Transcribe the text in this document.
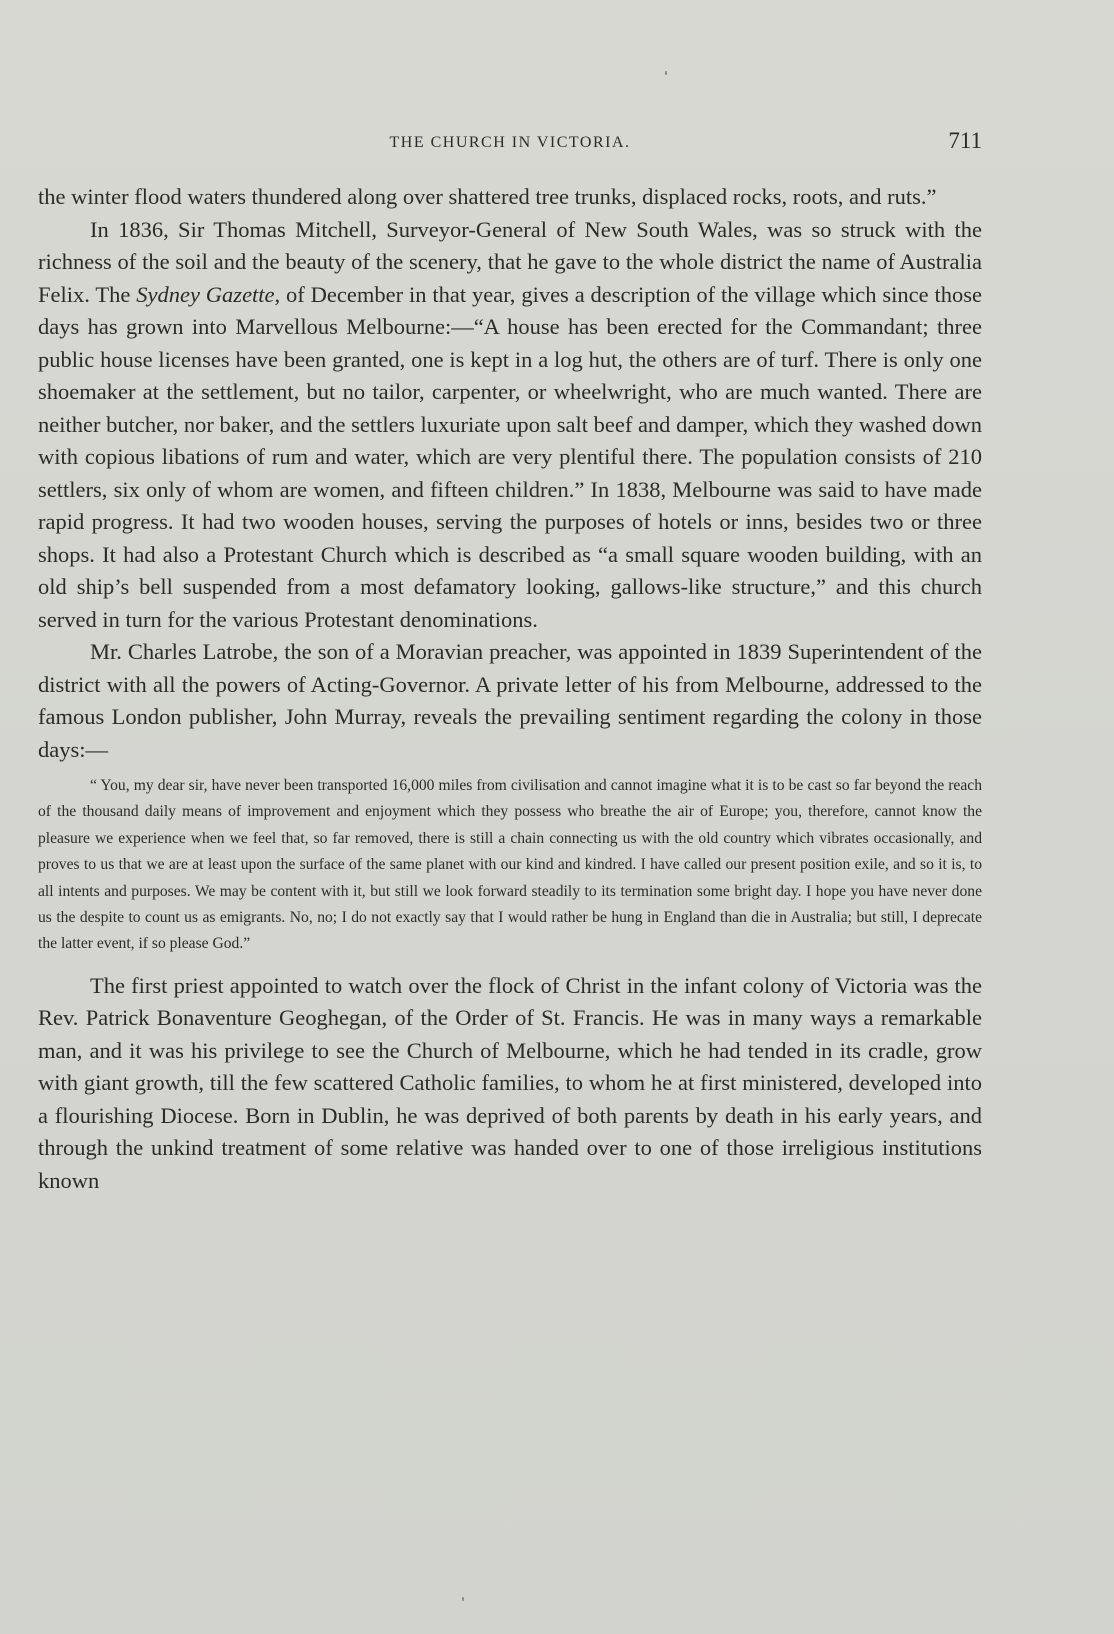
THE CHURCH IN VICTORIA.	711

the winter flood waters thundered along over shattered tree trunks, displaced rocks, roots, and ruts.”

In 1836, Sir Thomas Mitchell, Surveyor-General of New South Wales, was so struck with the richness of the soil and the beauty of the scenery, that he gave to the whole district the name of Australia Felix. The Sydney Gazette, of December in that year, gives a description of the village which since those days has grown into Marvellous Melbourne:—“A house has been erected for the Commandant; three public house licenses have been granted, one is kept in a log hut, the others are of turf. There is only one shoemaker at the settlement, but no tailor, carpenter, or wheelwright, who are much wanted. There are neither butcher, nor baker, and the settlers luxuriate upon salt beef and damper, which they washed down with copious libations of rum and water, which are very plentiful there. The population consists of 210 settlers, six only of whom are women, and fifteen children.” In 1838, Melbourne was said to have made rapid progress. It had two wooden houses, serving the purposes of hotels or inns, besides two or three shops. It had also a Protestant Church which is described as “a small square wooden building, with an old ship’s bell suspended from a most defamatory looking, gallows-like structure,” and this church served in turn for the various Protestant denominations.

Mr. Charles Latrobe, the son of a Moravian preacher, was appointed in 1839 Superintendent of the district with all the powers of Acting-Governor. A private letter of his from Melbourne, addressed to the famous London publisher, John Murray, reveals the prevailing sentiment regarding the colony in those days:—

“ You, my dear sir, have never been transported 16,000 miles from civilisation and cannot imagine what it is to be cast so far beyond the reach of the thousand daily means of improvement and enjoyment which they possess who breathe the air of Europe; you, therefore, cannot know the pleasure we experience when we feel that, so far removed, there is still a chain connecting us with the old country which vibrates occasionally, and proves to us that we are at least upon the surface of the same planet with our kind and kindred. I have called our present position exile, and so it is, to all intents and purposes. We may be content with it, but still we look forward steadily to its termination some bright day. I hope you have never done us the despite to count us as emigrants. No, no; I do not exactly say that I would rather be hung in England than die in Australia; but still, I deprecate the latter event, if so please God.”

The first priest appointed to watch over the flock of Christ in the infant colony of Victoria was the Rev. Patrick Bonaventure Geoghegan, of the Order of St. Francis. He was in many ways a remarkable man, and it was his privilege to see the Church of Melbourne, which he had tended in its cradle, grow with giant growth, till the few scattered Catholic families, to whom he at first ministered, developed into a flourishing Diocese. Born in Dublin, he was deprived of both parents by death in his early years, and through the unkind treatment of some relative was handed over to one of those irreligious institutions known
